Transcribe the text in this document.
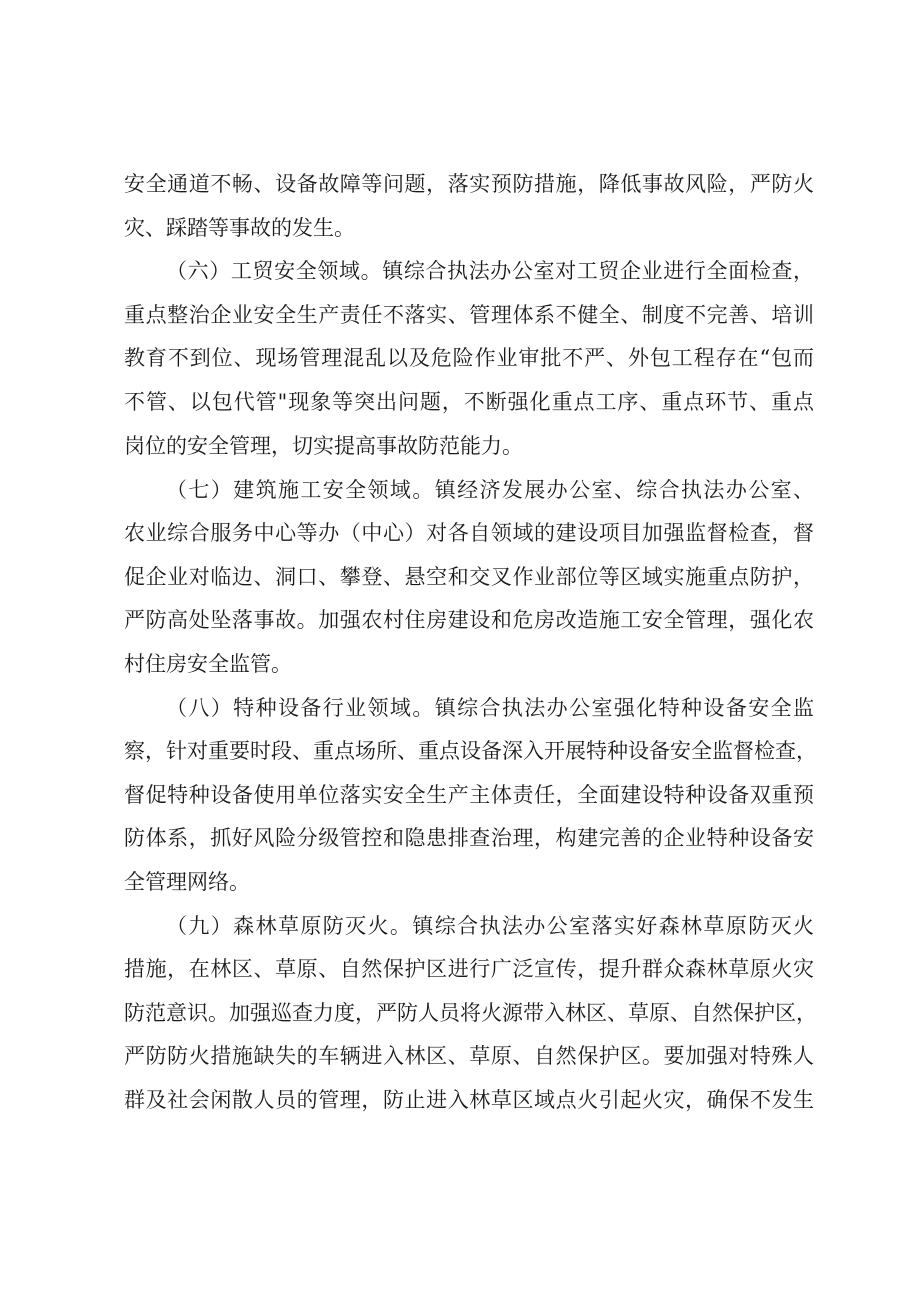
安全通道不畅、设备故障等问题，落实预防措施，降低事故风险，严防火
灾、踩踏等事故的发生。
（六）工贸安全领域。镇综合执法办公室对工贸企业进行全面检查，
重点整治企业安全生产责任不落实、管理体系不健全、制度不完善、培训
教育不到位、现场管理混乱以及危险作业审批不严、外包工程存在“包而
不管、以包代管"现象等突出问题，不断强化重点工序、重点环节、重点
岗位的安全管理，切实提高事故防范能力。
（七）建筑施工安全领域。镇经济发展办公室、综合执法办公室、
农业综合服务中心等办（中心）对各自领域的建设项目加强监督检查，督
促企业对临边、洞口、攀登、悬空和交叉作业部位等区域实施重点防护，
严防高处坠落事故。加强农村住房建设和危房改造施工安全管理，强化农
村住房安全监管。
（八）特种设备行业领域。镇综合执法办公室强化特种设备安全监
察，针对重要时段、重点场所、重点设备深入开展特种设备安全监督检查，
督促特种设备使用单位落实安全生产主体责任，全面建设特种设备双重预
防体系，抓好风险分级管控和隐患排查治理，构建完善的企业特种设备安
全管理网络。
（九）森林草原防灭火。镇综合执法办公室落实好森林草原防灭火
措施，在林区、草原、自然保护区进行广泛宣传，提升群众森林草原火灾
防范意识。加强巡查力度，严防人员将火源带入林区、草原、自然保护区，
严防防火措施缺失的车辆进入林区、草原、自然保护区。要加强对特殊人
群及社会闲散人员的管理，防止进入林草区域点火引起火灾，确保不发生
